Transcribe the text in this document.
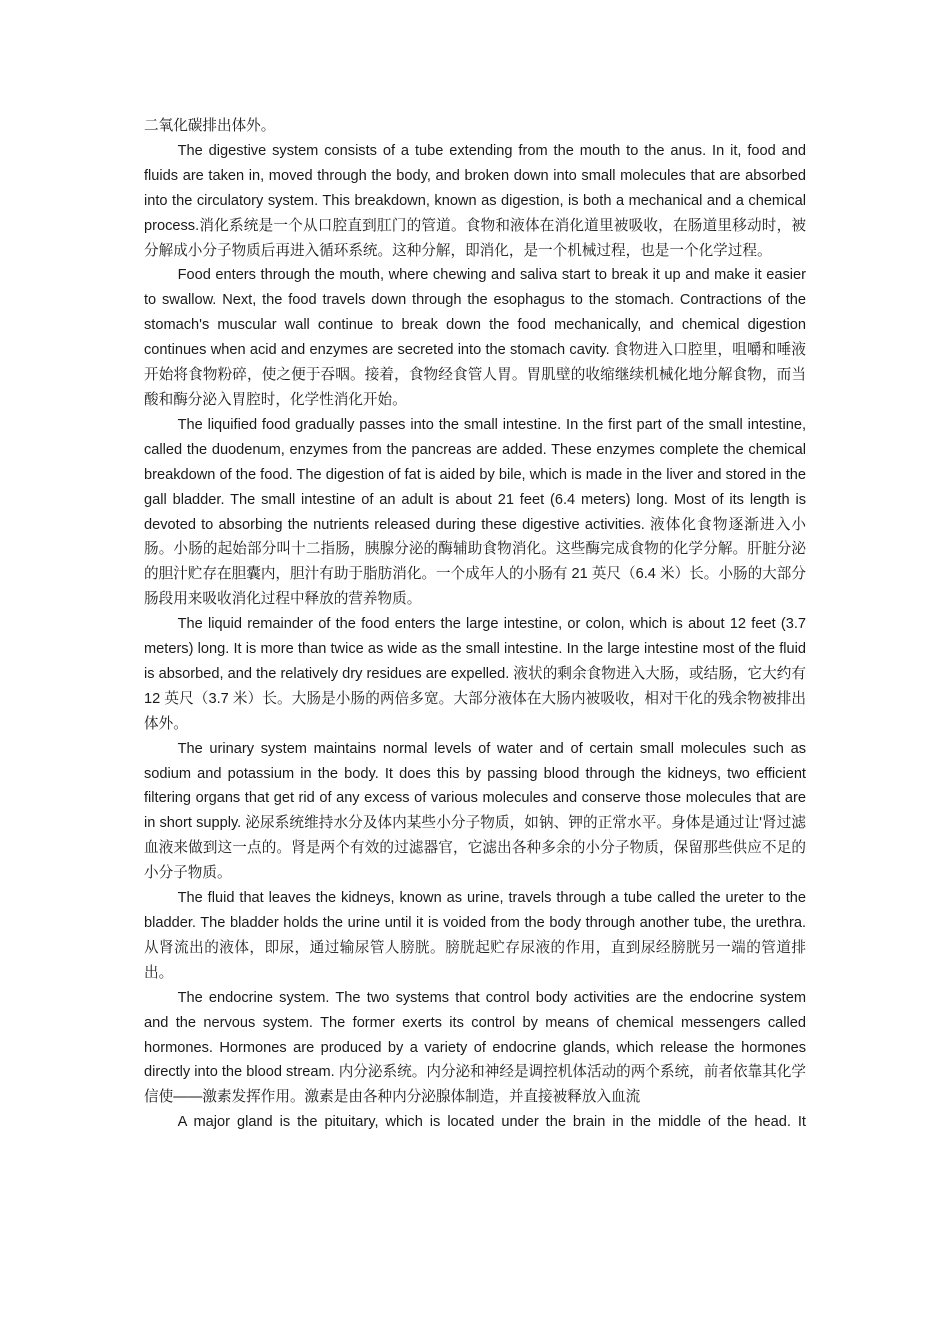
二氧化碳排出体外。

The digestive system consists of a tube extending from the mouth to the anus. In it, food and fluids are taken in, moved through the body, and broken down into small molecules that are absorbed into the circulatory system. This breakdown, known as digestion, is both a mechanical and a chemical process.消化系统是一个从口腔直到肛门的管道。食物和液体在消化道里被吸收，在肠道里移动时，被分解成小分子物质后再进入循环系统。这种分解，即消化，是一个机械过程，也是一个化学过程。

Food enters through the mouth, where chewing and saliva start to break it up and make it easier to swallow. Next, the food travels down through the esophagus to the stomach. Contractions of the stomach's muscular wall continue to break down the food mechanically, and chemical digestion continues when acid and enzymes are secreted into the stomach cavity. 食物进入口腔里，咀嚼和唾液开始将食物粉碎，使之便于吞咽。接着，食物经食管人胃。胃肌壁的收缩继续机械化地分解食物，而当酸和酶分泌入胃腔时，化学性消化开始。

The liquified food gradually passes into the small intestine. In the first part of the small intestine, called the duodenum, enzymes from the pancreas are added. These enzymes complete the chemical breakdown of the food. The digestion of fat is aided by bile, which is made in the liver and stored in the gall bladder. The small intestine of an adult is about 21 feet (6.4 meters) long. Most of its length is devoted to absorbing the nutrients released during these digestive activities. 液体化食物逐渐进入小肠。小肠的起始部分叫十二指肠，胰腺分泌的酶辅助食物消化。这些酶完成食物的化学分解。肝脏分泌的胆汁贮存在胆囊内，胆汁有助于脂肪消化。一个成年人的小肠有 21 英尺（6.4 米）长。小肠的大部分肠段用来吸收消化过程中释放的营养物质。

The liquid remainder of the food enters the large intestine, or colon, which is about 12 feet (3.7 meters) long. It is more than twice as wide as the small intestine. In the large intestine most of the fluid is absorbed, and the relatively dry residues are expelled. 液状的剩余食物进入大肠，或结肠，它大约有 12 英尺（3.7 米）长。大肠是小肠的两倍多宽。大部分液体在大肠内被吸收，相对干化的残余物被排出体外。

The urinary system maintains normal levels of water and of certain small molecules such as sodium and potassium in the body. It does this by passing blood through the kidneys, two efficient filtering organs that get rid of any excess of various molecules and conserve those molecules that are in short supply. 泌尿系统维持水分及体内某些小分子物质，如钠、钾的正常水平。身体是通过让'肾过滤血液来做到这一点的。肾是两个有效的过滤器官，它滤出各种多余的小分子物质，保留那些供应不足的小分子物质。

The fluid that leaves the kidneys, known as urine, travels through a tube called the ureter to the bladder. The bladder holds the urine until it is voided from the body through another tube, the urethra. 从肾流出的液体，即尿，通过输尿管人膀胱。膀胱起贮存尿液的作用，直到尿经膀胱另一端的管道排出。

The endocrine system. The two systems that control body activities are the endocrine system and the nervous system. The former exerts its control by means of chemical messengers called hormones. Hormones are produced by a variety of endocrine glands, which release the hormones directly into the blood stream. 内分泌系统。内分泌和神经是调控机体活动的两个系统，前者依靠其化学信使——激素发挥作用。激素是由各种内分泌腺体制造，并直接被释放入血流

A major gland is the pituitary, which is located under the brain in the middle of the head. It
